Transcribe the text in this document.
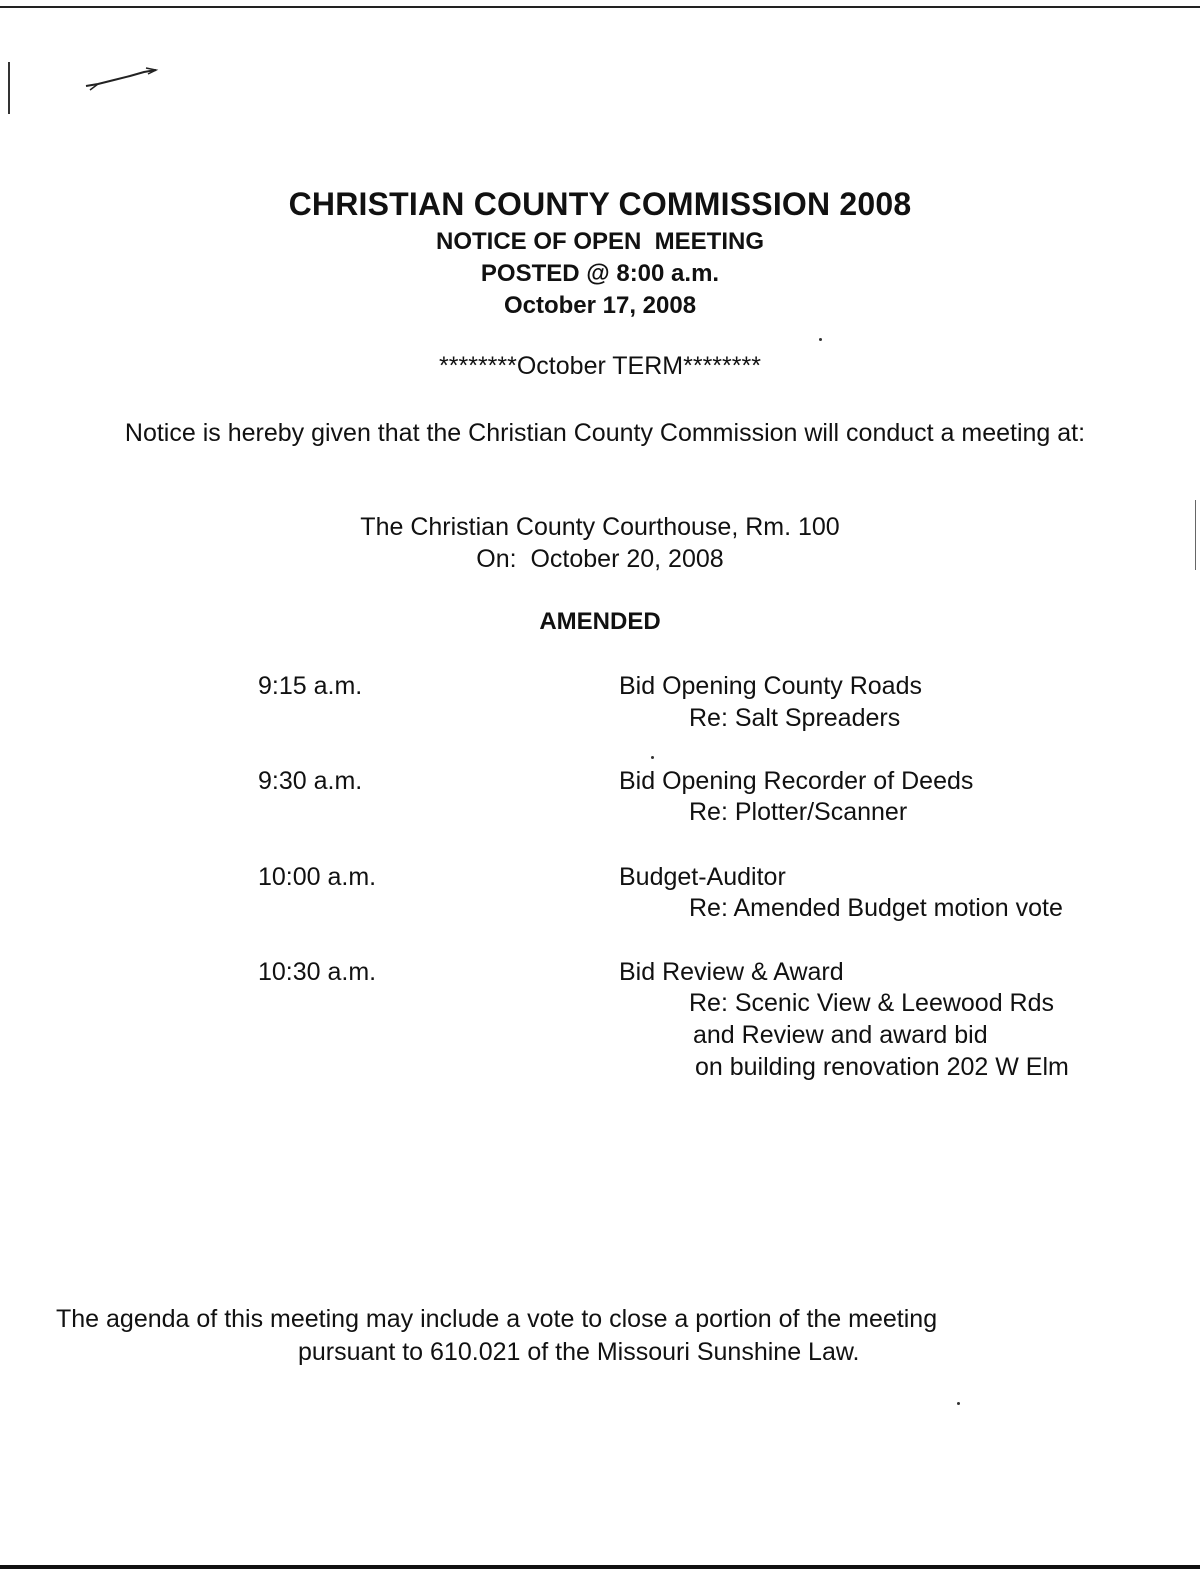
CHRISTIAN COUNTY COMMISSION 2008
NOTICE OF OPEN  MEETING
POSTED @ 8:00 a.m.
October 17, 2008
********October TERM********
Notice is hereby given that the Christian County Commission will conduct a meeting at:
The Christian County Courthouse, Rm. 100
On:  October 20, 2008
AMENDED
9:15 a.m.	Bid Opening County Roads
Re: Salt Spreaders
9:30 a.m.	Bid Opening Recorder of Deeds
Re: Plotter/Scanner
10:00 a.m.	Budget-Auditor
Re: Amended Budget motion vote
10:30 a.m.	Bid Review & Award
Re: Scenic View & Leewood Rds
and Review and award bid
on building renovation 202 W Elm
The agenda of this meeting may include a vote to close a portion of the meeting
pursuant to 610.021 of the Missouri Sunshine Law.
